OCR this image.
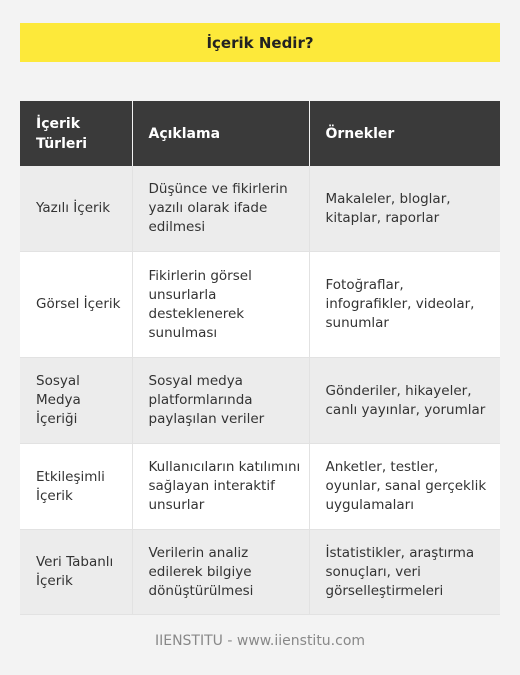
İçerik Nedir?
İçerik Türleri	Açıklama	Örnekler
Yazılı İçerik	Düşünce ve fikirlerin yazılı olarak ifade edilmesi	Makaleler, bloglar, kitaplar, raporlar
Görsel İçerik	Fikirlerin görsel unsurlarla desteklenerek sunulması	Fotoğraflar, infografikler, videolar, sunumlar
Sosyal Medya İçeriği	Sosyal medya platformlarında paylaşılan veriler	Gönderiler, hikayeler, canlı yayınlar, yorumlar
Etkileşimli İçerik	Kullanıcıların katılımını sağlayan interaktif unsurlar	Anketler, testler, oyunlar, sanal gerçeklik uygulamaları
Veri Tabanlı İçerik	Verilerin analiz edilerek bilgiye dönüştürülmesi	İstatistikler, araştırma sonuçları, veri görselleştirmeleri
IIENSTITU - www.iienstitu.com
